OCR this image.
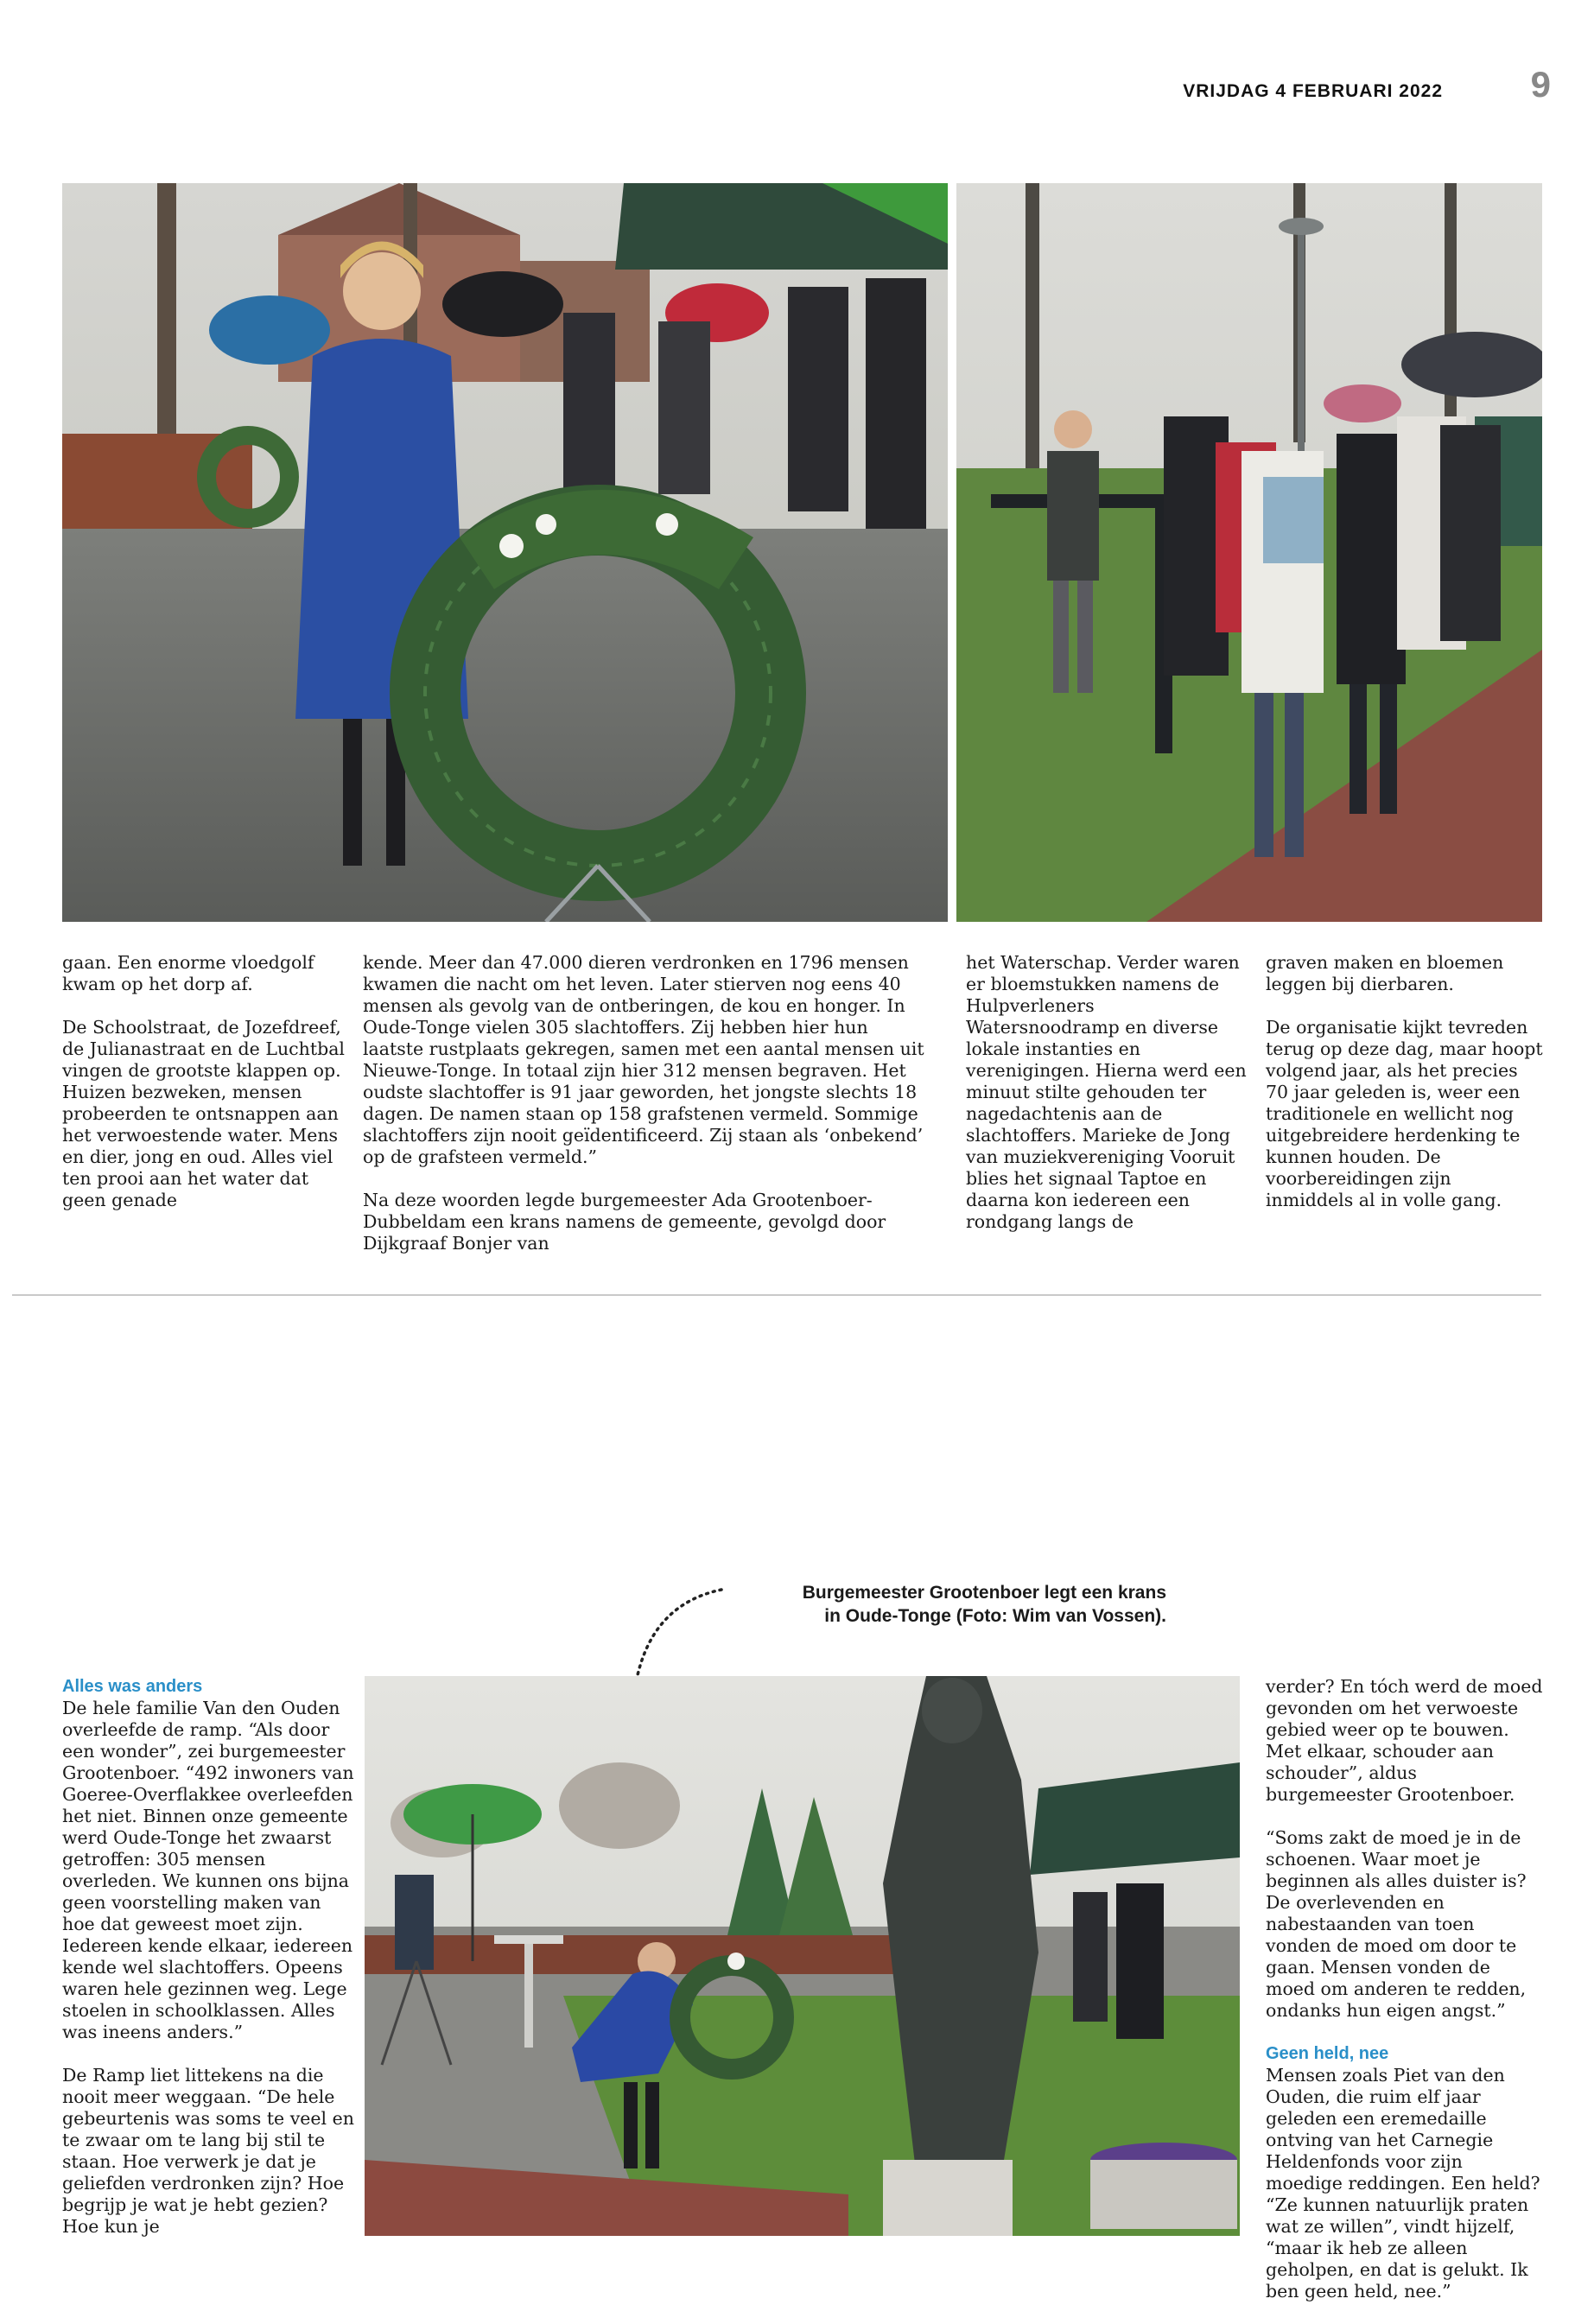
VRIJDAG 4 FEBRUARI 2022	9

gaan. Een enorme vloedgolf kwam op het dorp af.

De Schoolstraat, de Jozefdreef, de Julianastraat en de Luchtbal vingen de grootste klappen op. Huizen bezweken, mensen probeerden te ontsnappen aan het verwoestende water. Mens en dier, jong en oud. Alles viel ten prooi aan het water dat geen genade

kende. Meer dan 47.000 dieren verdronken en 1796 mensen kwamen die nacht om het leven. Later stierven nog eens 40 mensen als gevolg van de ontberingen, de kou en honger. In Oude-Tonge vielen 305 slachtoffers. Zij hebben hier hun laatste rustplaats gekregen, samen met een aantal mensen uit Nieuwe-Tonge. In totaal zijn hier 312 mensen begraven. Het oudste slachtoffer is 91 jaar geworden, het jongste slechts 18 dagen. De namen staan op 158 grafstenen vermeld. Sommige slachtoffers zijn nooit geïdentificeerd. Zij staan als ‘onbekend’ op de grafsteen vermeld.”

Na deze woorden legde burgemeester Ada Grootenboer-Dubbeldam een krans namens de gemeente, gevolgd door Dijkgraaf Bonjer van

het Waterschap. Verder waren er bloemstukken namens de Hulpverleners Watersnoodramp en diverse lokale instanties en verenigingen. Hierna werd een minuut stilte gehouden ter nagedachtenis aan de slachtoffers. Marieke de Jong van muziekvereniging Vooruit blies het signaal Taptoe en daarna kon iedereen een rondgang langs de

graven maken en bloemen leggen bij dierbaren.

De organisatie kijkt tevreden terug op deze dag, maar hoopt volgend jaar, als het precies 70 jaar geleden is, weer een traditionele en wellicht nog uitgebreidere herdenking te kunnen houden. De voorbereidingen zijn inmiddels al in volle gang.

Burgemeester Grootenboer legt een krans
in Oude-Tonge (Foto: Wim van Vossen).
Alles was anders

De hele familie Van den Ouden overleefde de ramp. “Als door een wonder”, zei burgemeester Grootenboer. “492 inwoners van Goeree-Overflakkee overleefden het niet. Binnen onze gemeente werd Oude-Tonge het zwaarst getroffen: 305 mensen overleden. We kunnen ons bijna geen voorstelling maken van hoe dat geweest moet zijn. Iedereen kende elkaar, iedereen kende wel slachtoffers. Opeens waren hele gezinnen weg. Lege stoelen in schoolklassen. Alles was ineens anders.”

De Ramp liet littekens na die nooit meer weggaan. “De hele gebeurtenis was soms te veel en te zwaar om te lang bij stil te staan. Hoe verwerk je dat je geliefden verdronken zijn? Hoe begrijp je wat je hebt gezien? Hoe kun je

verder? En tóch werd de moed gevonden om het verwoeste gebied weer op te bouwen. Met elkaar, schouder aan schouder”, aldus burgemeester Grootenboer.

“Soms zakt de moed je in de schoenen. Waar moet je beginnen als alles duister is? De overlevenden en nabestaanden van toen vonden de moed om door te gaan. Mensen vonden de moed om anderen te redden, ondanks hun eigen angst.”

Geen held, nee

Mensen zoals Piet van den Ouden, die ruim elf jaar geleden een eremedaille ontving van het Carnegie Heldenfonds voor zijn moedige reddingen. Een held? “Ze kunnen natuurlijk praten wat ze willen”, vindt hijzelf, “maar ik heb ze alleen geholpen, en dat is gelukt. Ik ben geen held, nee.”
